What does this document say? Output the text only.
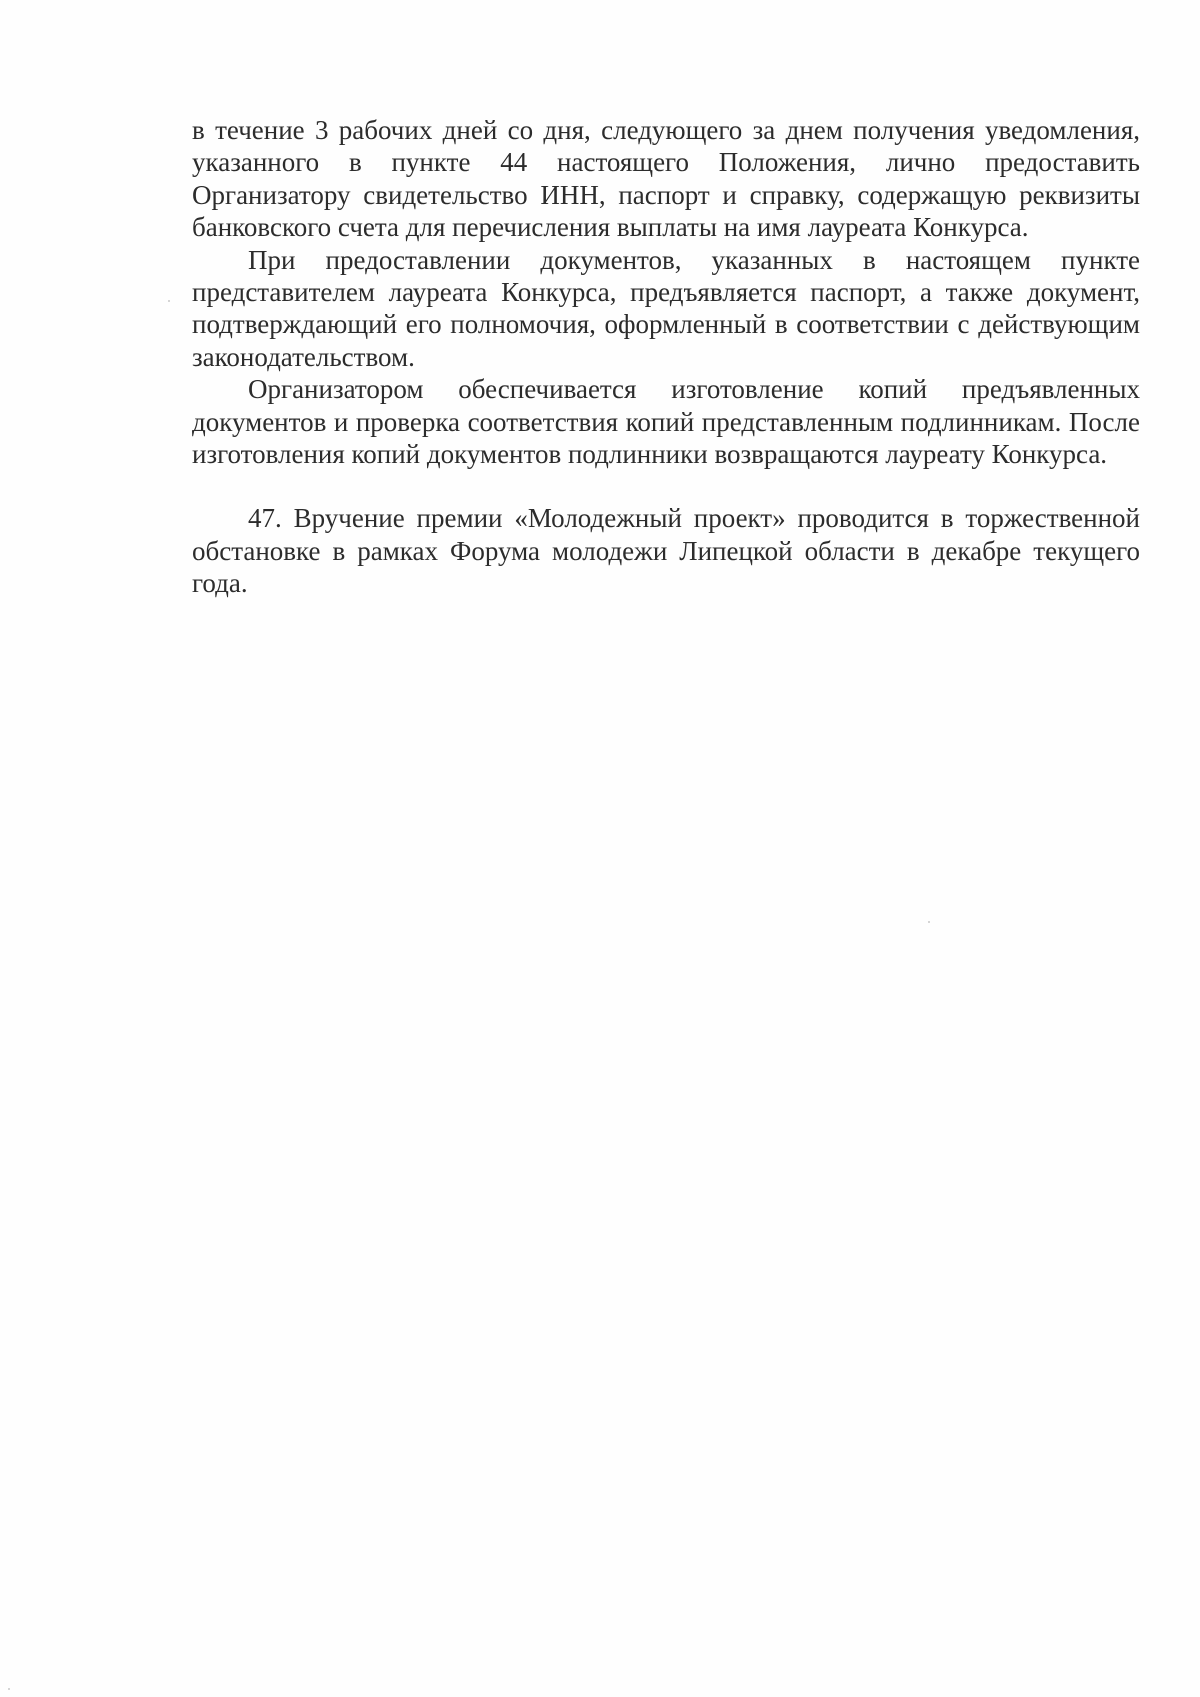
в течение 3 рабочих дней со дня, следующего за днем получения уведомления, указанного в пункте 44 настоящего Положения, лично предоставить Организатору свидетельство ИНН, паспорт и справку, содержащую реквизиты банковского счета для перечисления выплаты на имя лауреата Конкурса.

При предоставлении документов, указанных в настоящем пункте представителем лауреата Конкурса, предъявляется паспорт, а также документ, подтверждающий его полномочия, оформленный в соответствии с действующим законодательством.

Организатором обеспечивается изготовление копий предъявленных документов и проверка соответствия копий представленным подлинникам. После изготовления копий документов подлинники возвращаются лауреату Конкурса.

47. Вручение премии «Молодежный проект» проводится в торжественной обстановке в рамках Форума молодежи Липецкой области в декабре текущего года.
